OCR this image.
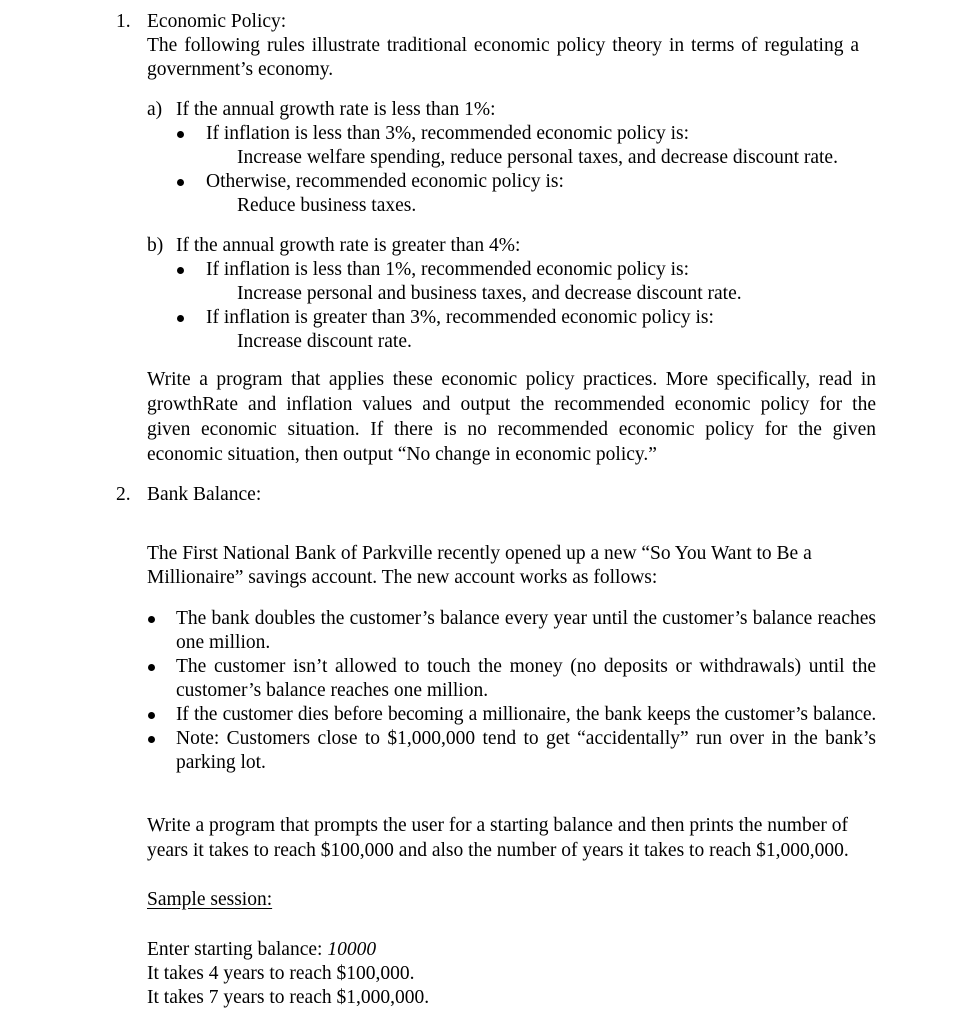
1. Economic Policy:
The following rules illustrate traditional economic policy theory in terms of regulating a
government’s economy.
a) If the annual growth rate is less than 1%:
If inflation is less than 3%, recommended economic policy is:
Increase welfare spending, reduce personal taxes, and decrease discount rate.
Otherwise, recommended economic policy is:
Reduce business taxes.
b) If the annual growth rate is greater than 4%:
If inflation is less than 1%, recommended economic policy is:
Increase personal and business taxes, and decrease discount rate.
If inflation is greater than 3%, recommended economic policy is:
Increase discount rate.
Write a program that applies these economic policy practices. More specifically, read in
growthRate and inflation values and output the recommended economic policy for the
given economic situation. If there is no recommended economic policy for the given
economic situation, then output “No change in economic policy.”
2. Bank Balance:
The First National Bank of Parkville recently opened up a new “So You Want to Be a
Millionaire” savings account. The new account works as follows:
The bank doubles the customer’s balance every year until the customer’s balance reaches
one million.
The customer isn’t allowed to touch the money (no deposits or withdrawals) until the
customer’s balance reaches one million.
If the customer dies before becoming a millionaire, the bank keeps the customer’s balance.
Note: Customers close to $1,000,000 tend to get “accidentally” run over in the bank’s
parking lot.
Write a program that prompts the user for a starting balance and then prints the number of
years it takes to reach $100,000 and also the number of years it takes to reach $1,000,000.
Sample session:
Enter starting balance: 10000
It takes 4 years to reach $100,000.
It takes 7 years to reach $1,000,000.
